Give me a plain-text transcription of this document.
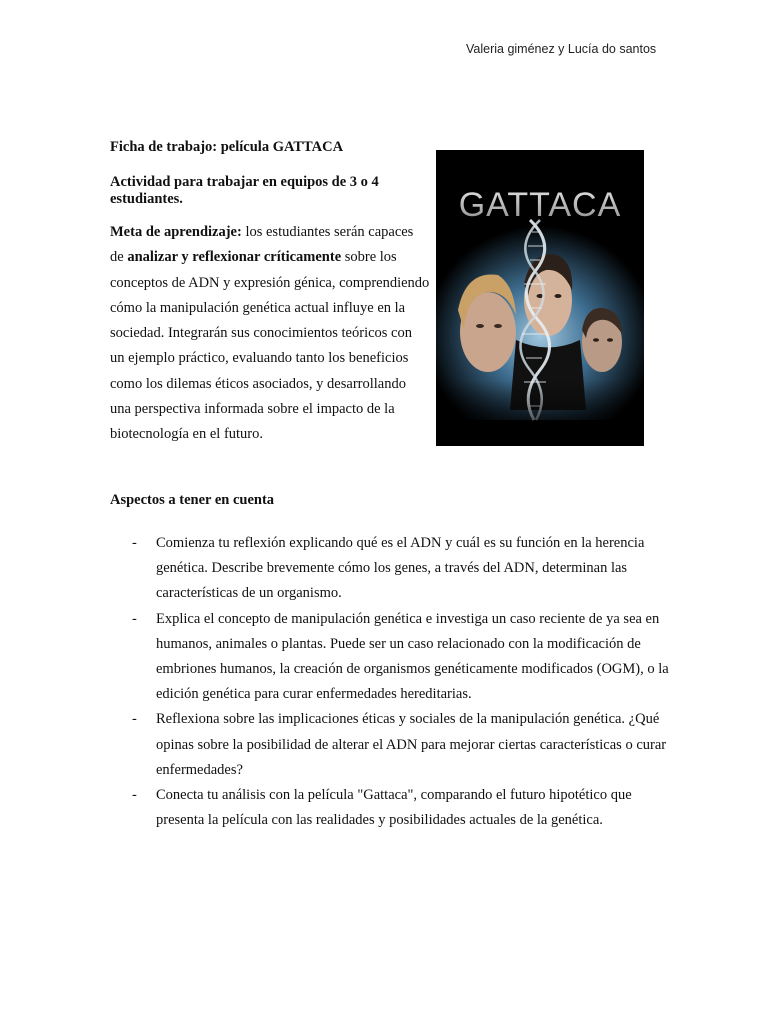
Valeria giménez y Lucía do santos
Ficha de trabajo: película GATTACA
Actividad para trabajar en equipos de 3 o 4 estudiantes.
Meta de aprendizaje: los estudiantes serán capaces de analizar y reflexionar críticamente sobre los conceptos de ADN y expresión génica, comprendiendo cómo la manipulación genética actual influye en la sociedad. Integrarán sus conocimientos teóricos con un ejemplo práctico, evaluando tanto los beneficios como los dilemas éticos asociados, y desarrollando una perspectiva informada sobre el impacto de la biotecnología en el futuro.
GATTACA
Aspectos a tener en cuenta
- Comienza tu reflexión explicando qué es el ADN y cuál es su función en la herencia genética. Describe brevemente cómo los genes, a través del ADN, determinan las características de un organismo.
- Explica el concepto de manipulación genética e investiga un caso reciente de ya sea en humanos, animales o plantas. Puede ser un caso relacionado con la modificación de embriones humanos, la creación de organismos genéticamente modificados (OGM), o la edición genética para curar enfermedades hereditarias.
- Reflexiona sobre las implicaciones éticas y sociales de la manipulación genética. ¿Qué opinas sobre la posibilidad de alterar el ADN para mejorar ciertas características o curar enfermedades?
- Conecta tu análisis con la película "Gattaca", comparando el futuro hipotético que presenta la película con las realidades y posibilidades actuales de la genética.
